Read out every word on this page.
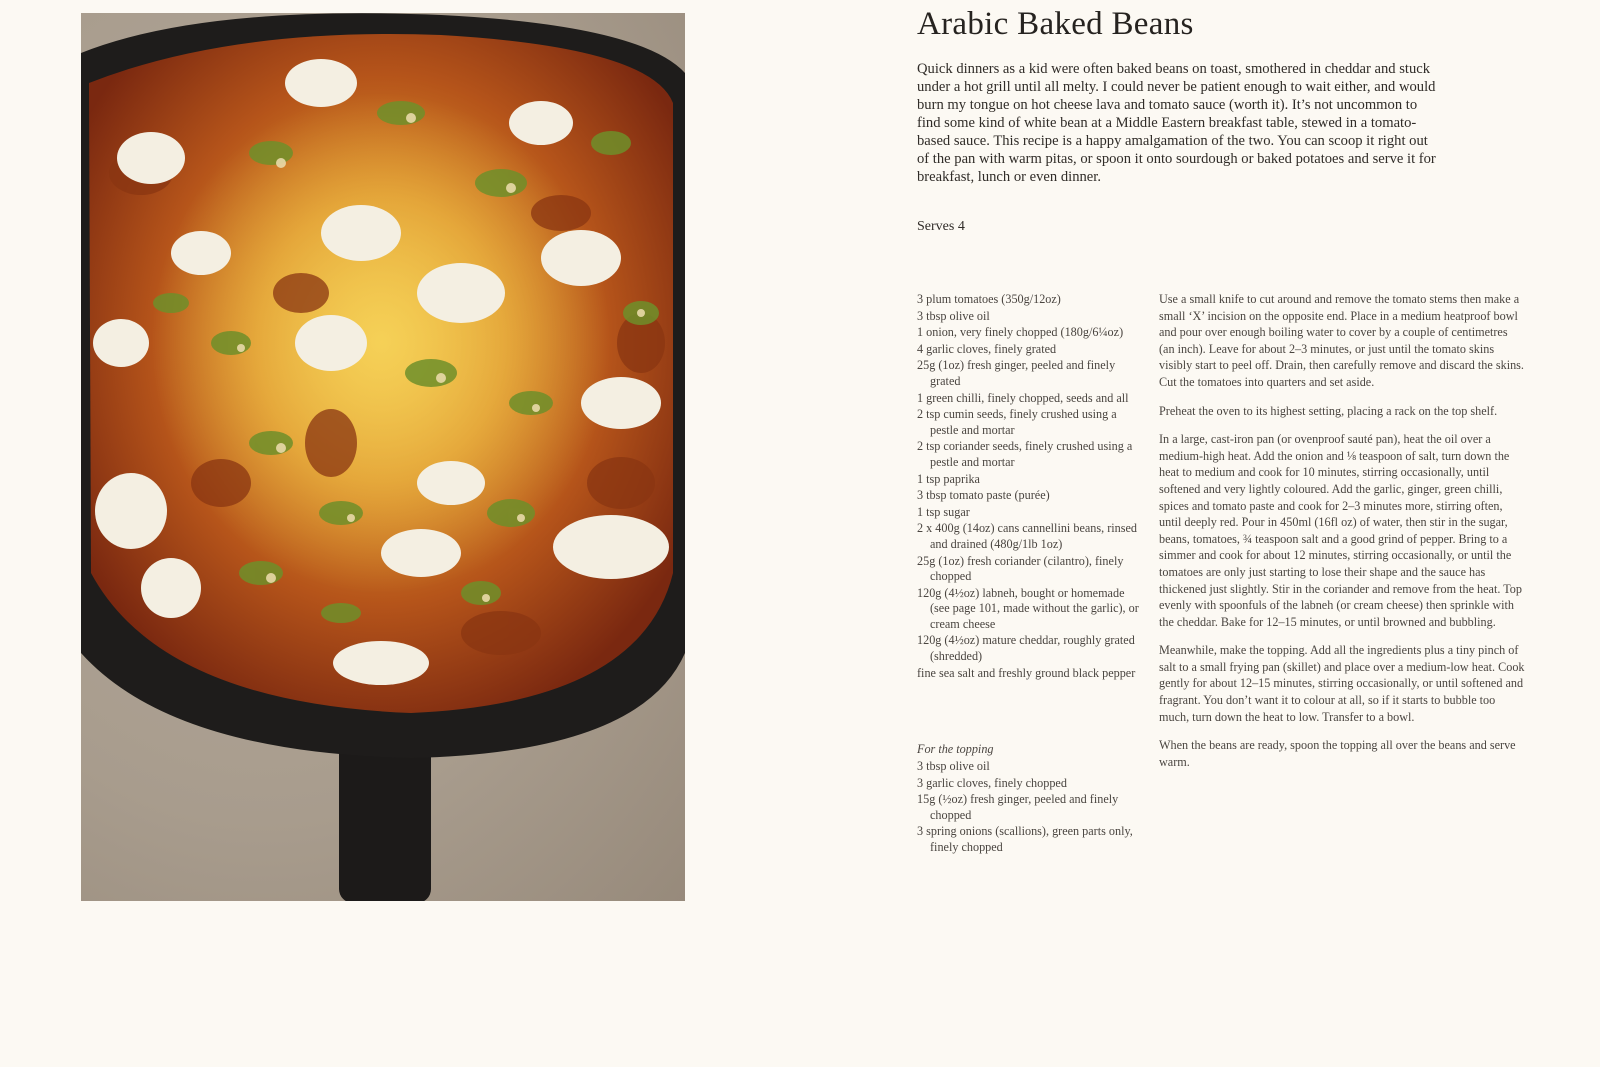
Arabic Baked Beans

Quick dinners as a kid were often baked beans on toast, smothered in cheddar and stuck under a hot grill until all melty. I could never be patient enough to wait either, and would burn my tongue on hot cheese lava and tomato sauce (worth it). It’s not uncommon to find some kind of white bean at a Middle Eastern breakfast table, stewed in a tomato-based sauce. This recipe is a happy amalgamation of the two. You can scoop it right out of the pan with warm pitas, or spoon it onto sourdough or baked potatoes and serve it for breakfast, lunch or even dinner.

Serves 4

3 plum tomatoes (350g/12oz)
3 tbsp olive oil
1 onion, very finely chopped (180g/6¼oz)
4 garlic cloves, finely grated
25g (1oz) fresh ginger, peeled and finely grated
1 green chilli, finely chopped, seeds and all
2 tsp cumin seeds, finely crushed using a pestle and mortar
2 tsp coriander seeds, finely crushed using a pestle and mortar
1 tsp paprika
3 tbsp tomato paste (purée)
1 tsp sugar
2 x 400g (14oz) cans cannellini beans, rinsed and drained (480g/1lb 1oz)
25g (1oz) fresh coriander (cilantro), finely chopped
120g (4½oz) labneh, bought or homemade (see page 101, made without the garlic), or cream cheese
120g (4½oz) mature cheddar, roughly grated (shredded)
fine sea salt and freshly ground black pepper

For the topping

3 tbsp olive oil
3 garlic cloves, finely chopped
15g (½oz) fresh ginger, peeled and finely chopped
3 spring onions (scallions), green parts only, finely chopped

Use a small knife to cut around and remove the tomato stems then make a small ‘X’ incision on the opposite end. Place in a medium heatproof bowl and pour over enough boiling water to cover by a couple of centimetres (an inch). Leave for about 2–3 minutes, or just until the tomato skins visibly start to peel off. Drain, then carefully remove and discard the skins. Cut the tomatoes into quarters and set aside.

Preheat the oven to its highest setting, placing a rack on the top shelf.

In a large, cast-iron pan (or ovenproof sauté pan), heat the oil over a medium-high heat. Add the onion and ⅛ teaspoon of salt, turn down the heat to medium and cook for 10 minutes, stirring occasionally, until softened and very lightly coloured. Add the garlic, ginger, green chilli, spices and tomato paste and cook for 2–3 minutes more, stirring often, until deeply red. Pour in 450ml (16fl oz) of water, then stir in the sugar, beans, tomatoes, ¾ teaspoon salt and a good grind of pepper. Bring to a simmer and cook for about 12 minutes, stirring occasionally, or until the tomatoes are only just starting to lose their shape and the sauce has thickened just slightly. Stir in the coriander and remove from the heat. Top evenly with spoonfuls of the labneh (or cream cheese) then sprinkle with the cheddar. Bake for 12–15 minutes, or until browned and bubbling.

Meanwhile, make the topping. Add all the ingredients plus a tiny pinch of salt to a small frying pan (skillet) and place over a medium-low heat. Cook gently for about 12–15 minutes, stirring occasionally, or until softened and fragrant. You don’t want it to colour at all, so if it starts to bubble too much, turn down the heat to low. Transfer to a bowl.

When the beans are ready, spoon the topping all over the beans and serve warm.
